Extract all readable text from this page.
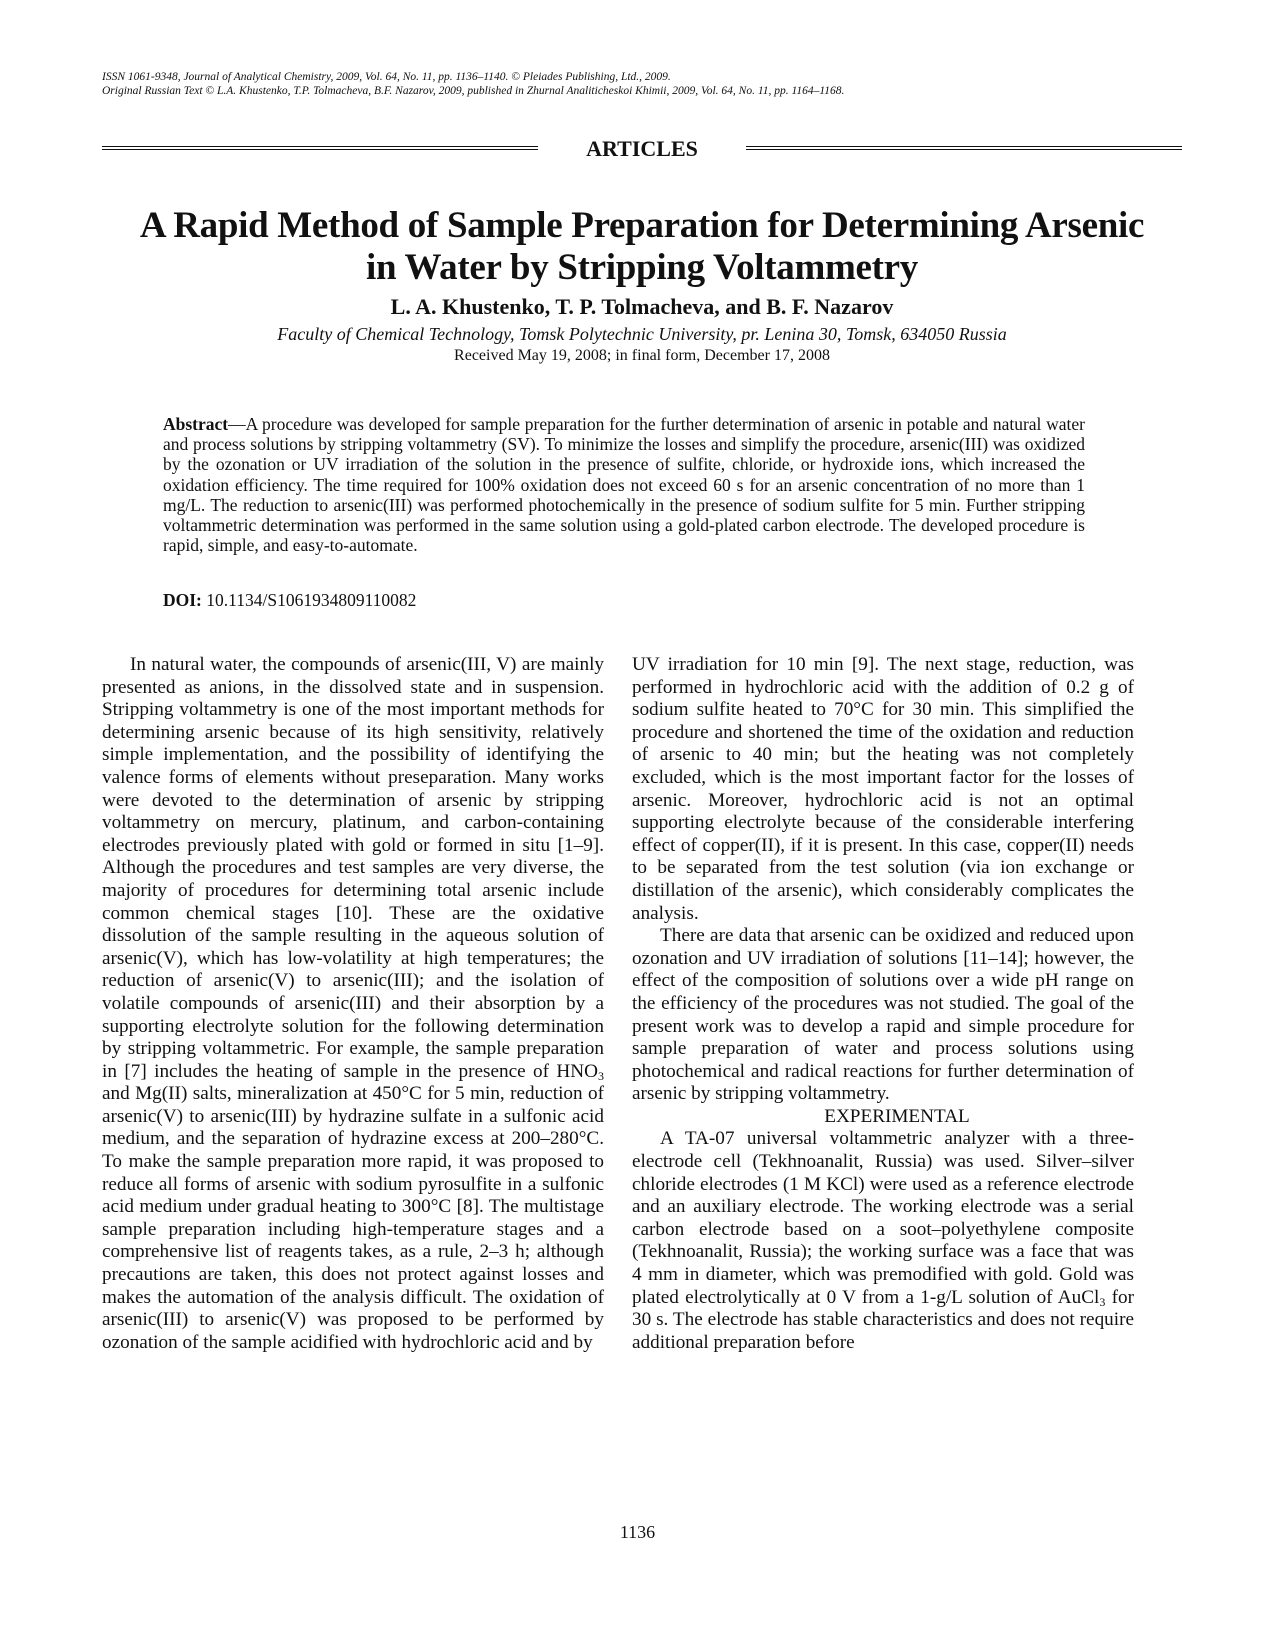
ISSN 1061-9348, Journal of Analytical Chemistry, 2009, Vol. 64, No. 11, pp. 1136–1140. © Pleiades Publishing, Ltd., 2009.
Original Russian Text © L.A. Khustenko, T.P. Tolmacheva, B.F. Nazarov, 2009, published in Zhurnal Analiticheskoi Khimii, 2009, Vol. 64, No. 11, pp. 1164–1168.
ARTICLES
A Rapid Method of Sample Preparation for Determining Arsenic
in Water by Stripping Voltammetry
L. A. Khustenko, T. P. Tolmacheva, and B. F. Nazarov
Faculty of Chemical Technology, Tomsk Polytechnic University, pr. Lenina 30, Tomsk, 634050 Russia
Received May 19, 2008; in final form, December 17, 2008
Abstract—A procedure was developed for sample preparation for the further determination of arsenic in potable and natural water and process solutions by stripping voltammetry (SV). To minimize the losses and simplify the procedure, arsenic(III) was oxidized by the ozonation or UV irradiation of the solution in the presence of sulfite, chloride, or hydroxide ions, which increased the oxidation efficiency. The time required for 100% oxidation does not exceed 60 s for an arsenic concentration of no more than 1 mg/L. The reduction to arsenic(III) was performed photochemically in the presence of sodium sulfite for 5 min. Further stripping voltammetric determination was performed in the same solution using a gold-plated carbon electrode. The developed procedure is rapid, simple, and easy-to-automate.
DOI: 10.1134/S1061934809110082

In natural water, the compounds of arsenic(III, V) are mainly presented as anions, in the dissolved state and in suspension. Stripping voltammetry is one of the most important methods for determining arsenic because of its high sensitivity, relatively simple implementation, and the possibility of identifying the valence forms of elements without preseparation. Many works were devoted to the determination of arsenic by stripping voltammetry on mercury, platinum, and carbon-containing electrodes previously plated with gold or formed in situ [1–9]. Although the procedures and test samples are very diverse, the majority of procedures for determining total arsenic include common chemical stages [10]. These are the oxidative dissolution of the sample resulting in the aqueous solution of arsenic(V), which has low-volatility at high temperatures; the reduction of arsenic(V) to arsenic(III); and the isolation of volatile compounds of arsenic(III) and their absorption by a supporting electrolyte solution for the following determination by stripping voltammetric. For example, the sample preparation in [7] includes the heating of sample in the presence of $HNO_3$ and Mg(II) salts, mineralization at 450°C for 5 min, reduction of arsenic(V) to arsenic(III) by hydrazine sulfate in a sulfonic acid medium, and the separation of hydrazine excess at 200–280°C. To make the sample preparation more rapid, it was proposed to reduce all forms of arsenic with sodium pyrosulfite in a sulfonic acid medium under gradual heating to 300°C [8]. The multistage sample preparation including high-temperature stages and a comprehensive list of reagents takes, as a rule, 2–3 h; although precautions are taken, this does not protect against losses and makes the automation of the analysis difficult. The oxidation of arsenic(III) to arsenic(V) was proposed to be performed by ozonation of the sample acidified with hydrochloric acid and by

UV irradiation for 10 min [9]. The next stage, reduction, was performed in hydrochloric acid with the addition of 0.2 g of sodium sulfite heated to 70°C for 30 min. This simplified the procedure and shortened the time of the oxidation and reduction of arsenic to 40 min; but the heating was not completely excluded, which is the most important factor for the losses of arsenic. Moreover, hydrochloric acid is not an optimal supporting electrolyte because of the considerable interfering effect of copper(II), if it is present. In this case, copper(II) needs to be separated from the test solution (via ion exchange or distillation of the arsenic), which considerably complicates the analysis.

There are data that arsenic can be oxidized and reduced upon ozonation and UV irradiation of solutions [11–14]; however, the effect of the composition of solutions over a wide pH range on the efficiency of the procedures was not studied. The goal of the present work was to develop a rapid and simple procedure for sample preparation of water and process solutions using photochemical and radical reactions for further determination of arsenic by stripping voltammetry.

EXPERIMENTAL

A TA-07 universal voltammetric analyzer with a three-electrode cell (Tekhnoanalit, Russia) was used. Silver–silver chloride electrodes (1 M KCl) were used as a reference electrode and an auxiliary electrode. The working electrode was a serial carbon electrode based on a soot–polyethylene composite (Tekhnoanalit, Russia); the working surface was a face that was 4 mm in diameter, which was premodified with gold. Gold was plated electrolytically at 0 V from a 1-g/L solution of AuCl$_3$ for 30 s. The electrode has stable characteristics and does not require additional preparation before

1136
